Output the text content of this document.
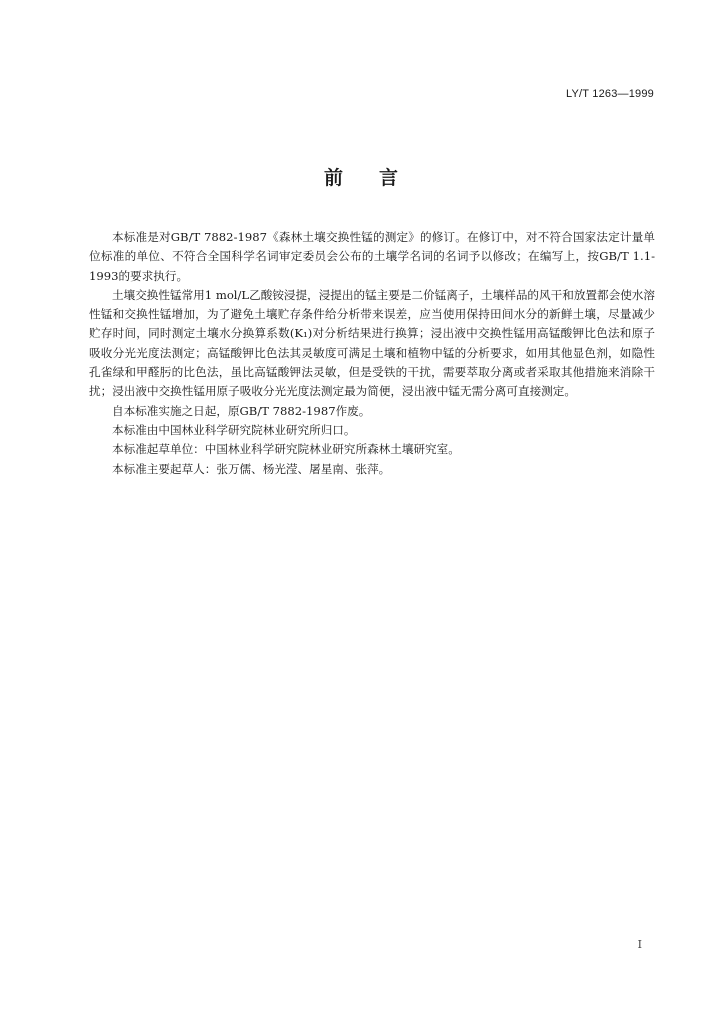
LY/T 1263—1999
前 言

本标准是对GB/T 7882-1987《森林土壤交换性锰的测定》的修订。在修订中，对不符合国家法定计量单位标准的单位、不符合全国科学名词审定委员会公布的土壤学名词的名词予以修改；在编写上，按GB/T 1.1-1993的要求执行。

土壤交换性锰常用1 mol/L乙酸铵浸提，浸提出的锰主要是二价锰离子，土壤样品的风干和放置都会使水溶性锰和交换性锰增加，为了避免土壤贮存条件给分析带来误差，应当使用保持田间水分的新鲜土壤，尽量减少贮存时间，同时测定土壤水分换算系数(K₁)对分析结果进行换算；浸出液中交换性锰用高锰酸钾比色法和原子吸收分光光度法测定；高锰酸钾比色法其灵敏度可满足土壤和植物中锰的分析要求，如用其他显色剂，如隐性孔雀绿和甲醛肟的比色法，虽比高锰酸钾法灵敏，但是受铁的干扰，需要萃取分离或者采取其他措施来消除干扰；浸出液中交换性锰用原子吸收分光光度法测定最为简便，浸出液中锰无需分离可直接测定。

自本标准实施之日起，原GB/T 7882-1987作废。

本标准由中国林业科学研究院林业研究所归口。

本标准起草单位：中国林业科学研究院林业研究所森林土壤研究室。

本标准主要起草人：张万儒、杨光滢、屠星南、张萍。

I
